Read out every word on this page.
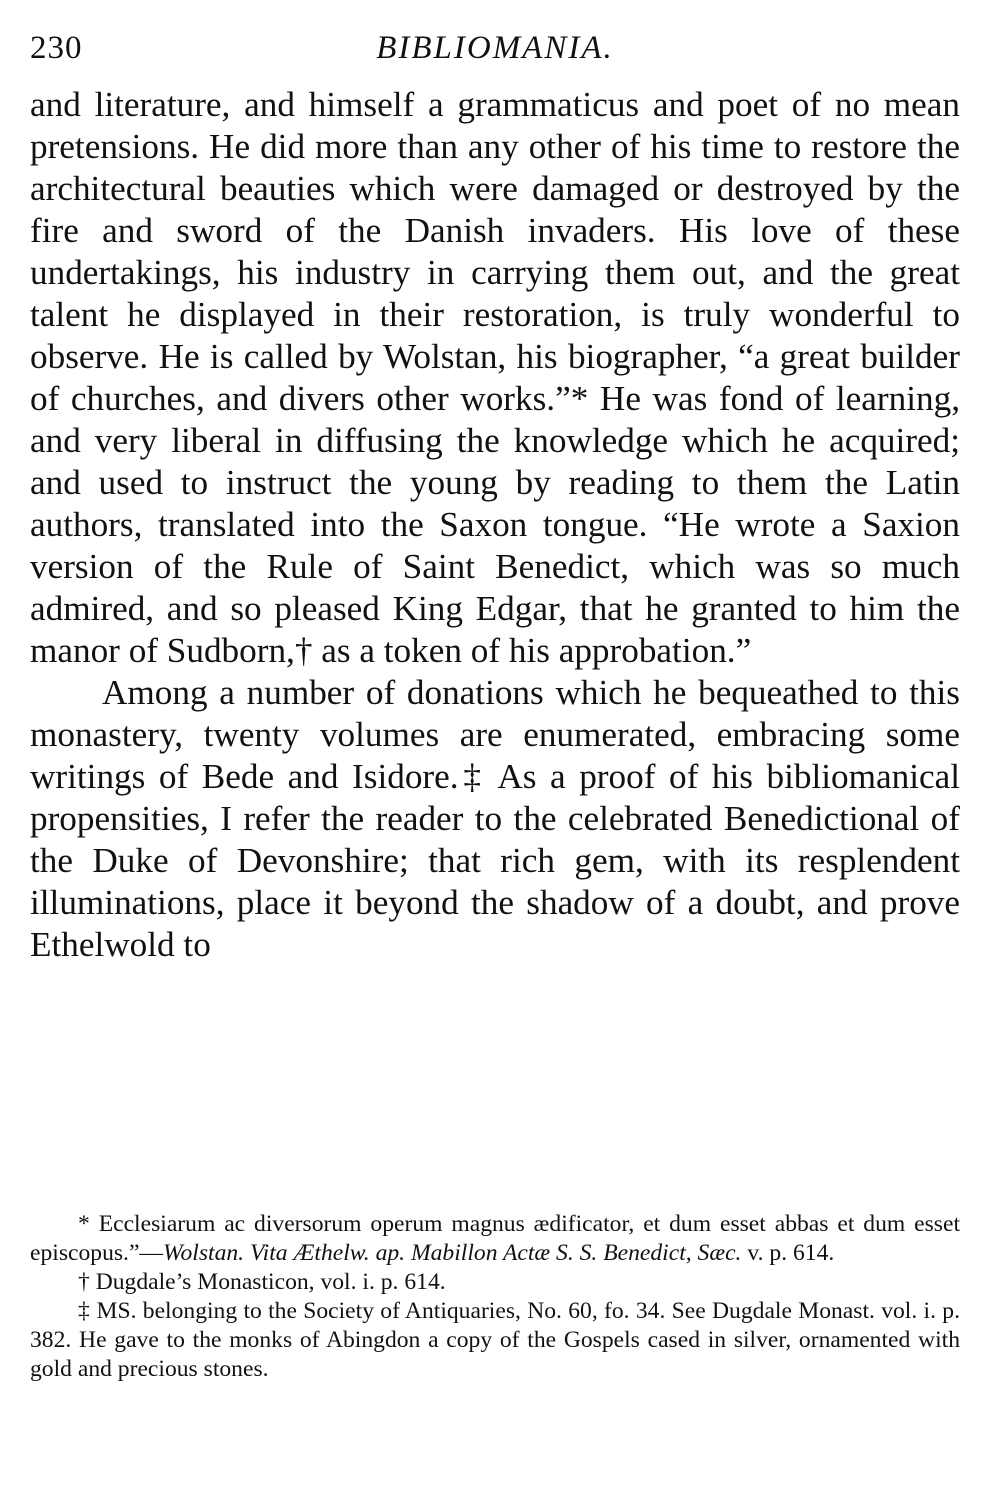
230	BIBLIOMANIA.

and literature, and himself a grammaticus and poet of no mean pretensions. He did more than any other of his time to restore the architectural beauties which were damaged or destroyed by the fire and sword of the Danish invaders. His love of these undertakings, his industry in carrying them out, and the great talent he displayed in their restoration, is truly wonderful to observe. He is called by Wolstan, his biographer, “a great builder of churches, and divers other works.”* He was fond of learning, and very liberal in diffusing the knowledge which he acquired; and used to instruct the young by reading to them the Latin authors, translated into the Saxon tongue. “He wrote a Saxion version of the Rule of Saint Benedict, which was so much admired, and so pleased King Edgar, that he granted to him the manor of Sudborn,† as a token of his approbation.”

Among a number of donations which he bequeathed to this monastery, twenty volumes are enumerated, embracing some writings of Bede and Isidore.‡ As a proof of his bibliomanical propensities, I refer the reader to the celebrated Benedictional of the Duke of Devonshire; that rich gem, with its resplendent illuminations, place it beyond the shadow of a doubt, and prove Ethelwold to

* Ecclesiarum ac diversorum operum magnus ædificator, et dum esset abbas et dum esset episcopus.”—Wolstan. Vita Æthelw. ap. Mabillon Actæ S. S. Benedict, Sæc. v. p. 614.

† Dugdale’s Monasticon, vol. i. p. 614.

‡ MS. belonging to the Society of Antiquaries, No. 60, fo. 34. See Dugdale Monast. vol. i. p. 382. He gave to the monks of Abingdon a copy of the Gospels cased in silver, ornamented with gold and precious stones.
